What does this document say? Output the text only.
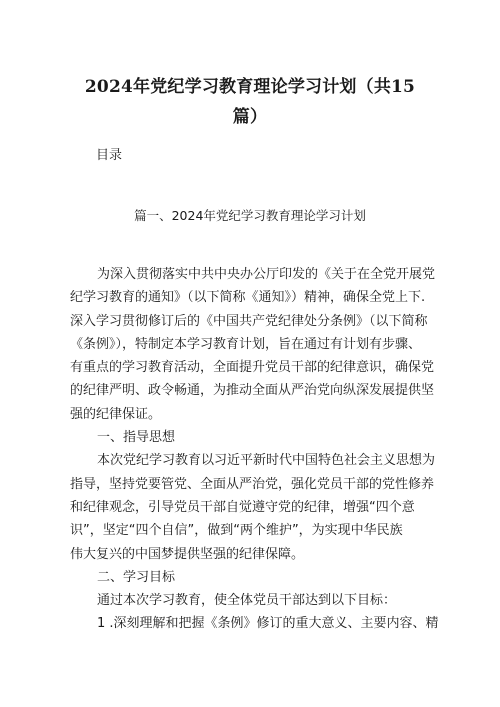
2024年党纪学习教育理论学习计划（共15
篇）
目录
篇一、2024年党纪学习教育理论学习计划
为深入贯彻落实中共中央办公厅印发的《关于在全党开展党
纪学习教育的通知》（以下简称《通知》）精神，确保全党上下.
深入学习贯彻修订后的《中国共产党纪律处分条例》（以下简称
《条例》），特制定本学习教育计划，旨在通过有计划有步骤、
有重点的学习教育活动，全面提升党员干部的纪律意识，确保党
的纪律严明、政令畅通，为推动全面从严治党向纵深发展提供坚
强的纪律保证。
一、指导思想
本次党纪学习教育以习近平新时代中国特色社会主义思想为
指导，坚持党要管党、全面从严治党，强化党员干部的党性修养
和纪律观念，引导党员干部自觉遵守党的纪律，增强“四个意
识”，坚定“四个自信”，做到“两个维护”，为实现中华民族
伟大复兴的中国梦提供坚强的纪律保障。
二、学习目标
通过本次学习教育，使全体党员干部达到以下目标：
1 .深刻理解和把握《条例》修订的重大意义、主要内容、精
